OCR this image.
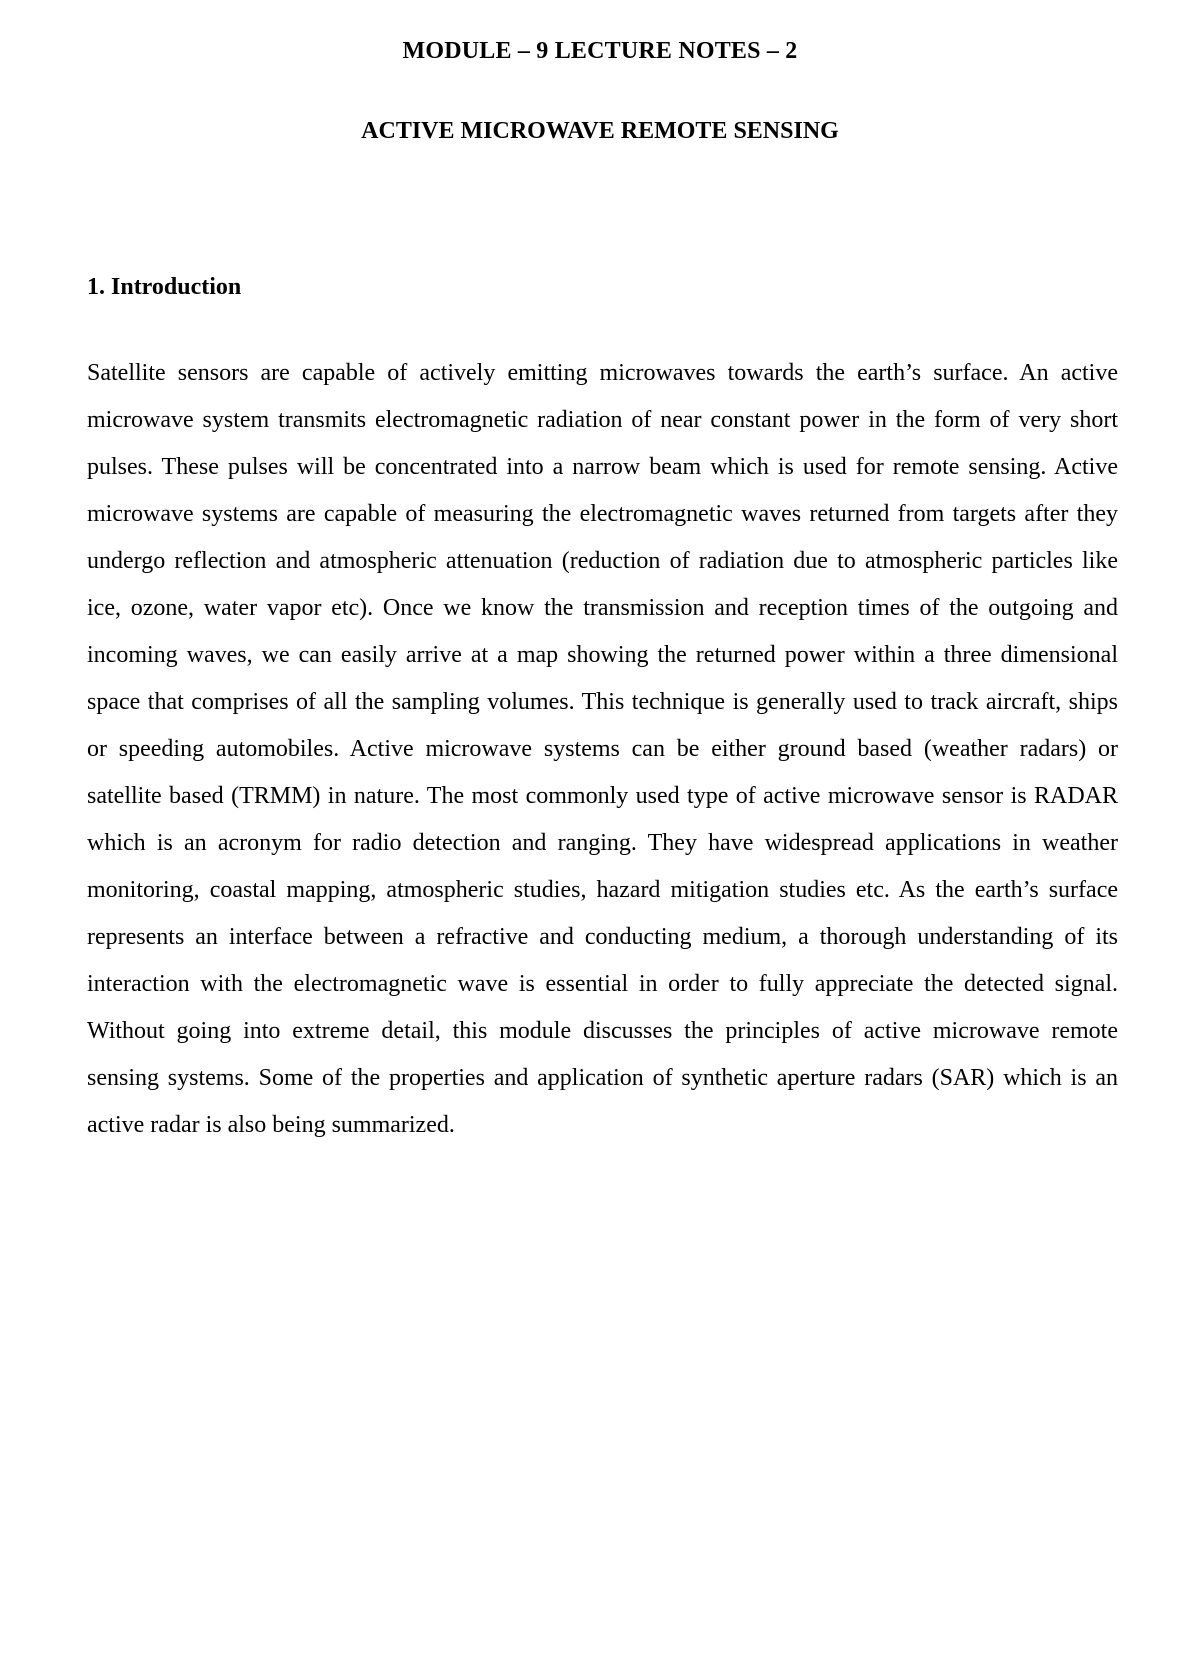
MODULE – 9 LECTURE NOTES – 2
ACTIVE MICROWAVE REMOTE SENSING
1. Introduction

Satellite sensors are capable of actively emitting microwaves towards the earth’s surface. An active microwave system transmits electromagnetic radiation of near constant power in the form of very short pulses. These pulses will be concentrated into a narrow beam which is used for remote sensing. Active microwave systems are capable of measuring the electromagnetic waves returned from targets after they undergo reflection and atmospheric attenuation (reduction of radiation due to atmospheric particles like ice, ozone, water vapor etc). Once we know the transmission and reception times of the outgoing and incoming waves, we can easily arrive at a map showing the returned power within a three dimensional space that comprises of all the sampling volumes. This technique is generally used to track aircraft, ships or speeding automobiles. Active microwave systems can be either ground based (weather radars) or satellite based (TRMM) in nature. The most commonly used type of active microwave sensor is RADAR which is an acronym for radio detection and ranging. They have widespread applications in weather monitoring, coastal mapping, atmospheric studies, hazard mitigation studies etc. As the earth’s surface represents an interface between a refractive and conducting medium, a thorough understanding of its interaction with the electromagnetic wave is essential in order to fully appreciate the detected signal. Without going into extreme detail, this module discusses the principles of active microwave remote sensing systems. Some of the properties and application of synthetic aperture radars (SAR) which is an active radar is also being summarized.
